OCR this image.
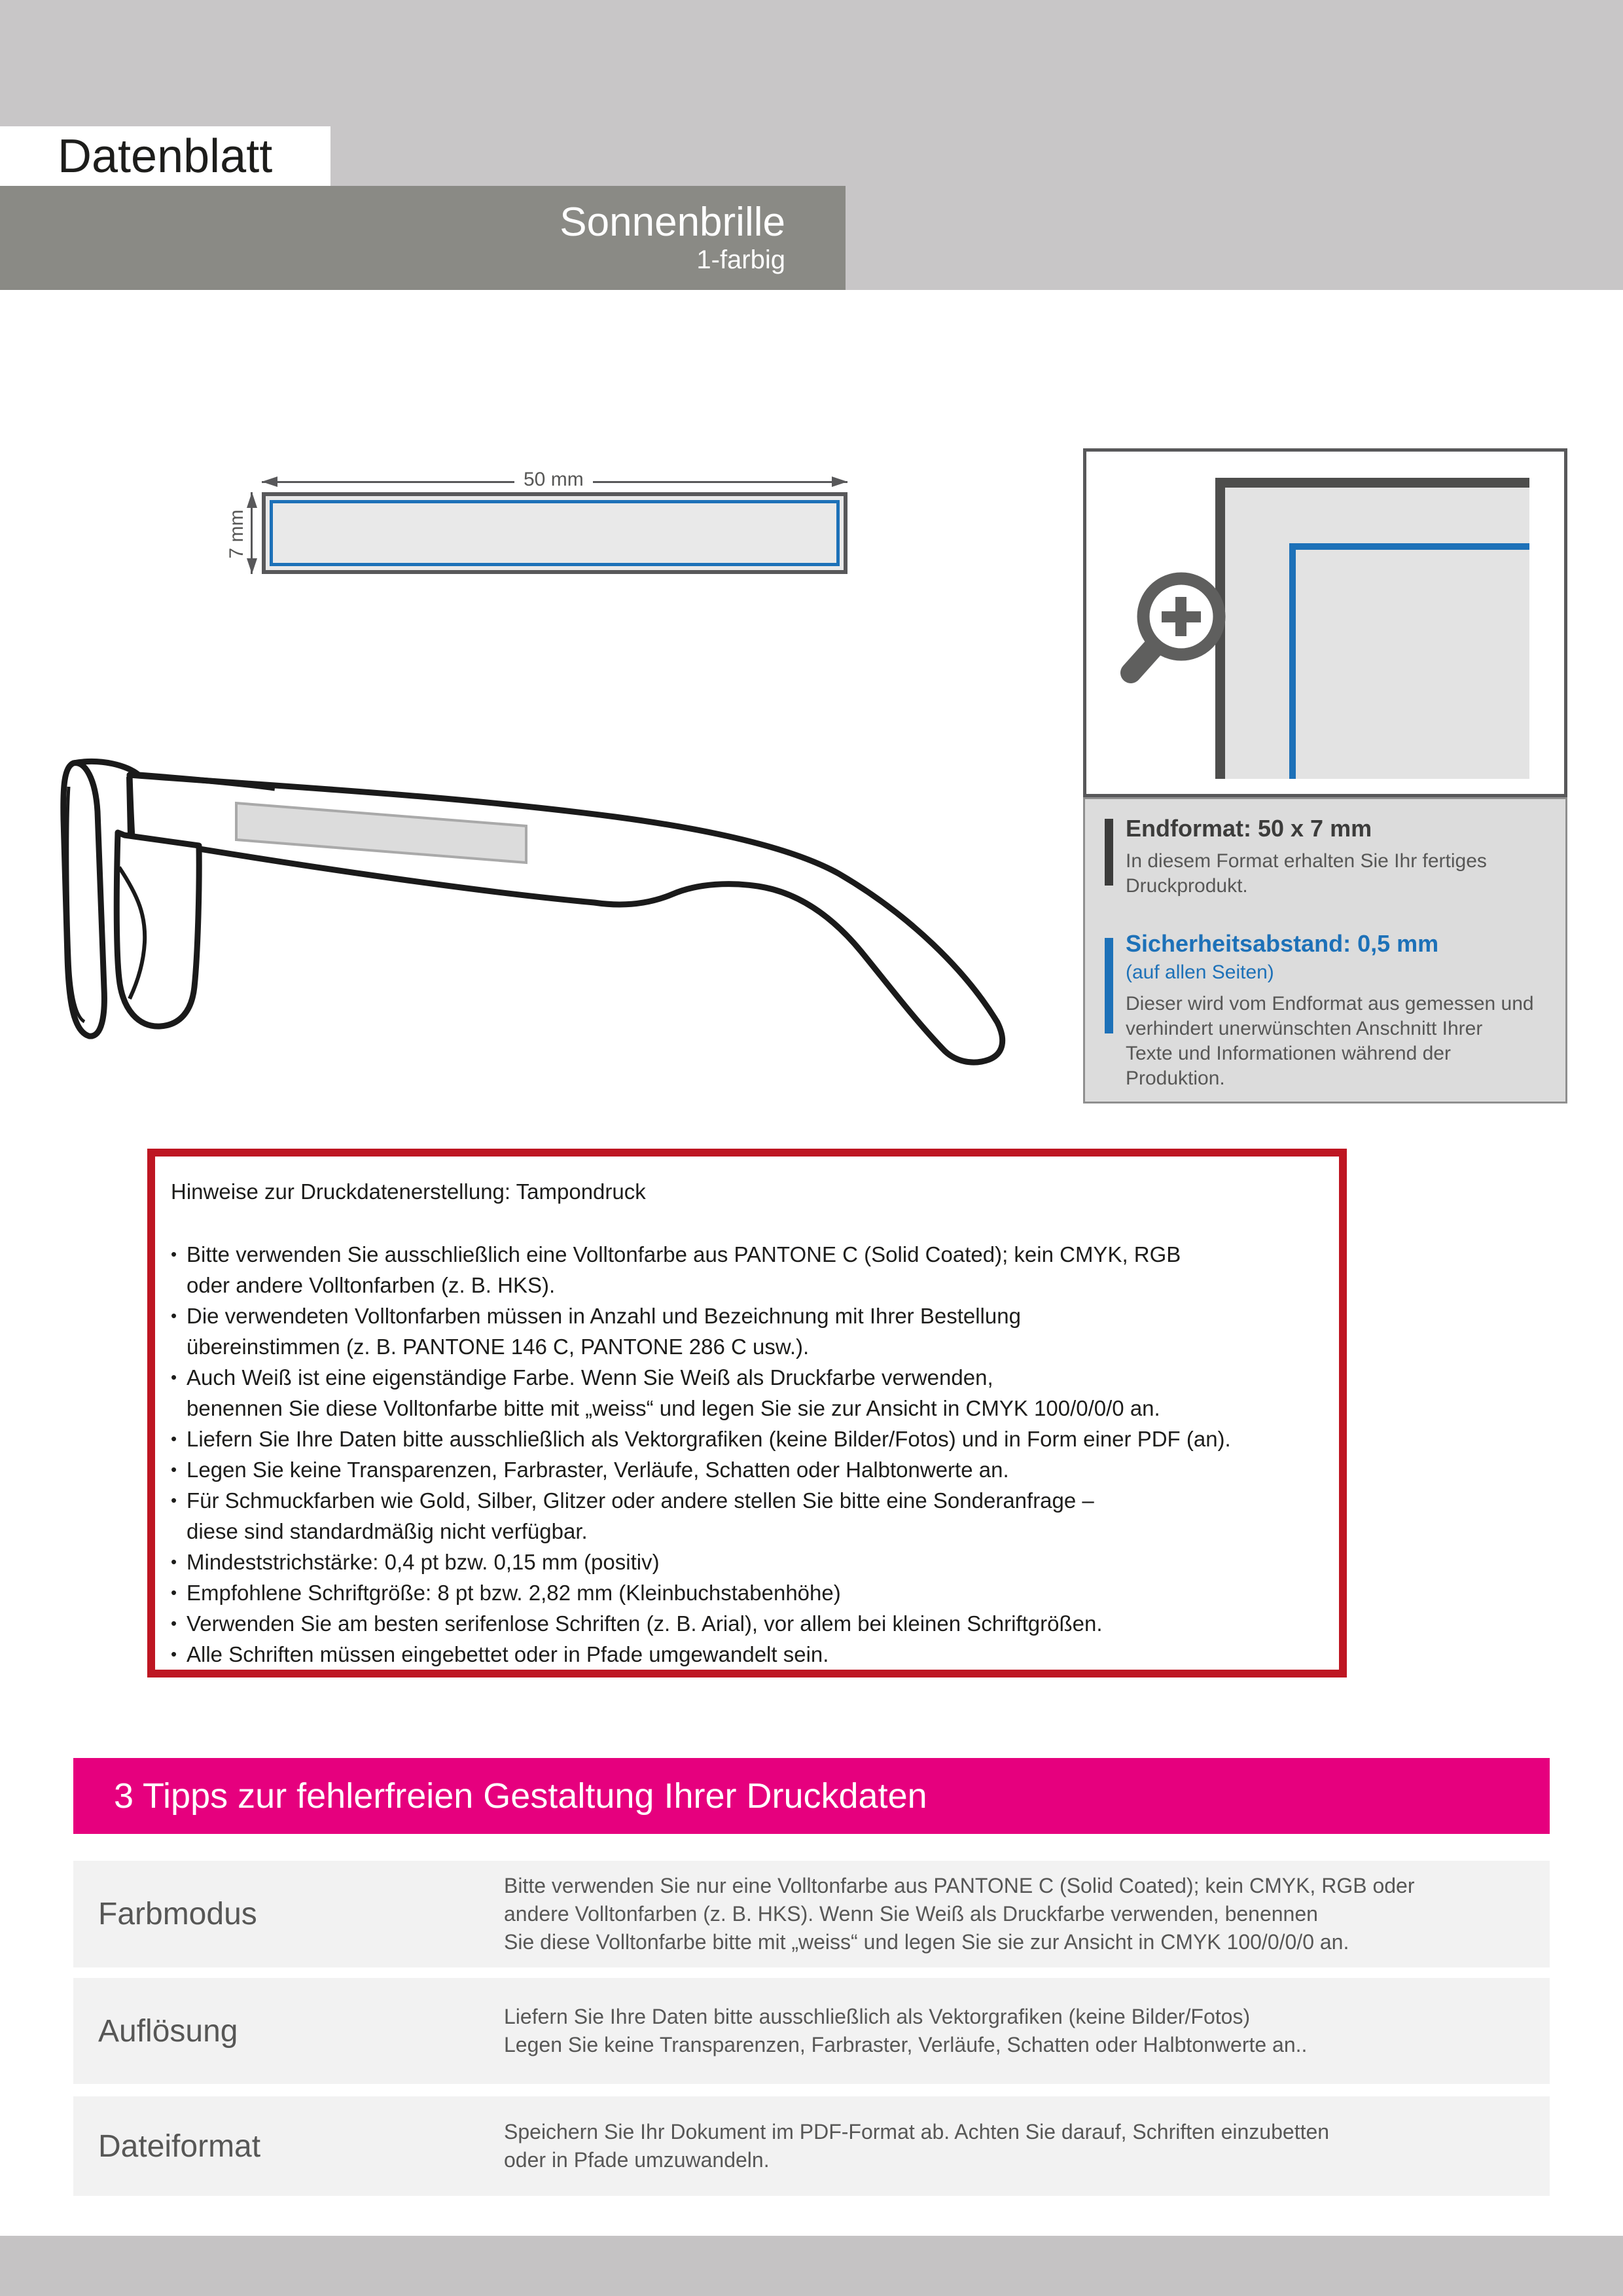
Datenblatt
Sonnenbrille
1-farbig
50 mm
7 mm
Endformat: 50 x 7 mm
In diesem Format erhalten Sie Ihr fertiges
Druckprodukt.
Sicherheitsabstand: 0,5 mm
(auf allen Seiten)
Dieser wird vom Endformat aus gemessen und
verhindert unerwünschten Anschnitt Ihrer
Texte und Informationen während der
Produktion.
Hinweise zur Druckdatenerstellung: Tampondruck
• Bitte verwenden Sie ausschließlich eine Volltonfarbe aus PANTONE C (Solid Coated); kein CMYK, RGB
oder andere Volltonfarben (z. B. HKS).
• Die verwendeten Volltonfarben müssen in Anzahl und Bezeichnung mit Ihrer Bestellung
übereinstimmen (z. B. PANTONE 146 C, PANTONE 286 C usw.).
• Auch Weiß ist eine eigenständige Farbe. Wenn Sie Weiß als Druckfarbe verwenden,
benennen Sie diese Volltonfarbe bitte mit „weiss“ und legen Sie sie zur Ansicht in CMYK 100/0/0/0 an.
• Liefern Sie Ihre Daten bitte ausschließlich als Vektorgrafiken (keine Bilder/Fotos) und in Form einer PDF (an).
• Legen Sie keine Transparenzen, Farbraster, Verläufe, Schatten oder Halbtonwerte an.
• Für Schmuckfarben wie Gold, Silber, Glitzer oder andere stellen Sie bitte eine Sonderanfrage –
diese sind standardmäßig nicht verfügbar.
• Mindeststrichstärke: 0,4 pt bzw. 0,15 mm (positiv)
• Empfohlene Schriftgröße: 8 pt bzw. 2,82 mm (Kleinbuchstabenhöhe)
• Verwenden Sie am besten serifenlose Schriften (z. B. Arial), vor allem bei kleinen Schriftgrößen.
• Alle Schriften müssen eingebettet oder in Pfade umgewandelt sein.
3 Tipps zur fehlerfreien Gestaltung Ihrer Druckdaten
Farbmodus
Bitte verwenden Sie nur eine Volltonfarbe aus PANTONE C (Solid Coated); kein CMYK, RGB oder
andere Volltonfarben (z. B. HKS). Wenn Sie Weiß als Druckfarbe verwenden, benennen
Sie diese Volltonfarbe bitte mit „weiss“ und legen Sie sie zur Ansicht in CMYK 100/0/0/0 an.
Auflösung	Liefern Sie Ihre Daten bitte ausschließlich als Vektorgrafiken (keine Bilder/Fotos)
Legen Sie keine Transparenzen, Farbraster, Verläufe, Schatten oder Halbtonwerte an..
Dateiformat	Speichern Sie Ihr Dokument im PDF-Format ab. Achten Sie darauf, Schriften einzubetten
oder in Pfade umzuwandeln.
